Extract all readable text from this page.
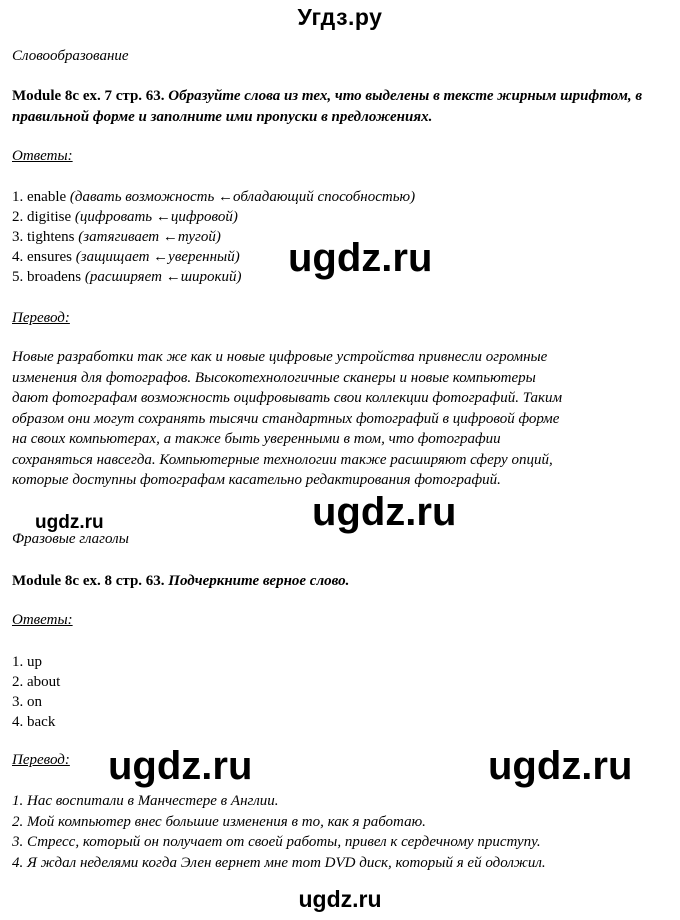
Угдз.ру
Словообразование
Module 8c ex. 7 стр. 63. Образуйте слова из тех, что выделены в тексте жирным шрифтом, в правильной форме и заполните ими пропуски в предложениях.
Ответы:
1. enable (давать возможность ←обладающий способностью)
2. digitise (цифровать ←цифровой)
3. tightens (затягивает ←тугой)
4. ensures (защищает ←уверенный)
5. broadens (расширяет ←широкий)	ugdz.ru
Перевод:
Новые разработки так же как и новые цифровые устройства привнесли огромные
изменения для фотографов. Высокотехнологичные сканеры и новые компьютеры
дают фотографам возможность оцифровывать свои коллекции фотографий. Таким
образом они могут сохранять тысячи стандартных фотографий в цифровой форме
на своих компьютерах, а также быть уверенными в том, что фотографии
сохраняться навсегда. Компьютерные технологии также расширяют сферу опций,
которые доступны фотографам касательно редактирования фотографий.
ugdz.ru
ugdz.ru
Фразовые глаголы
Module 8c ex. 8 стр. 63. Подчеркните верное слово.
Ответы:
1. up
2. about
3. on
4. back
Перевод: ugdz.ru	ugdz.ru
1. Нас воспитали в Манчестере в Англии.
2. Мой компьютер внес большие изменения в то, как я работаю.
3. Стресс, который он получает от своей работы, привел к сердечному приступу.
4. Я ждал неделями когда Элен вернет мне тот DVD диск, который я ей одолжил.
ugdz.ru
